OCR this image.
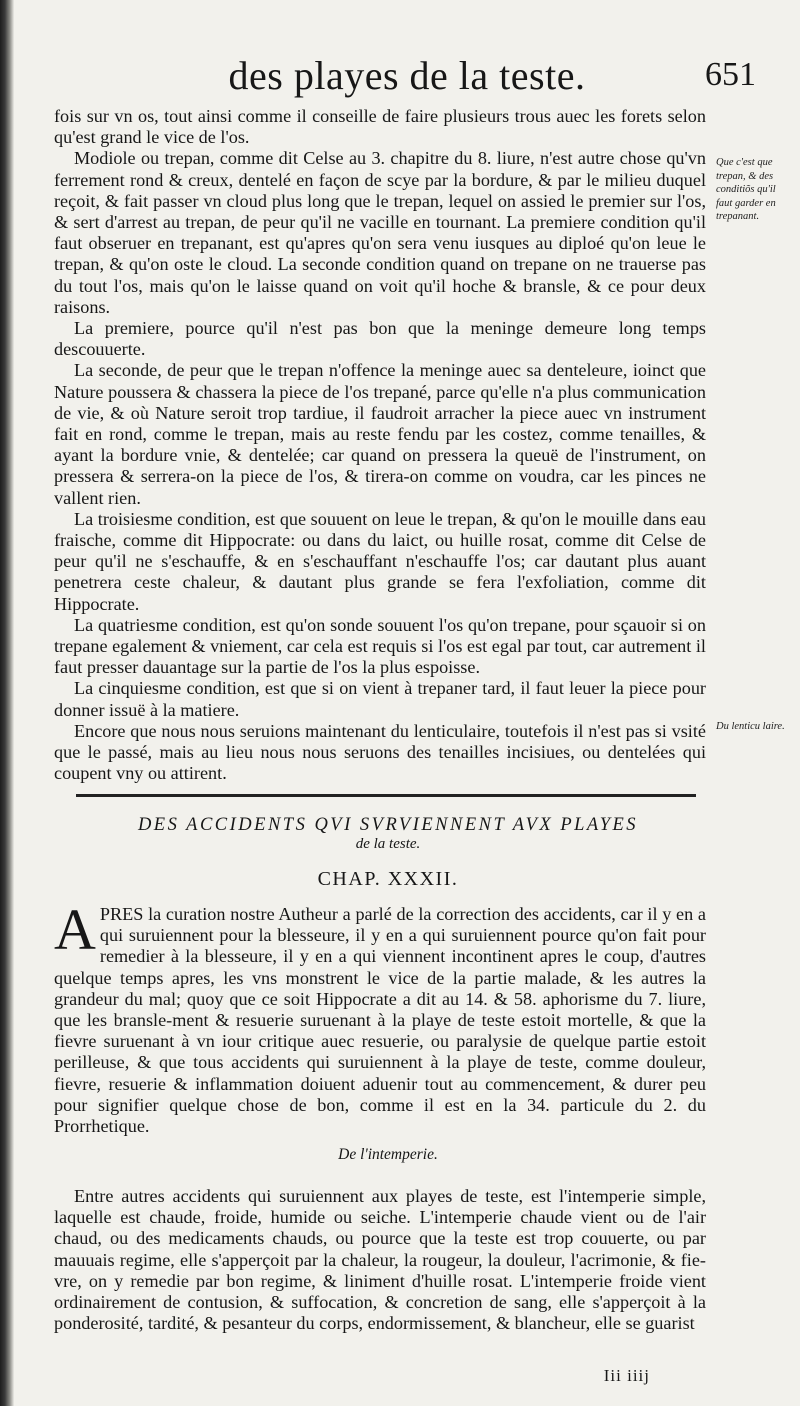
des playes de la teste.	651

fois sur vn os, tout ainsi comme il conseille de faire plusieurs trous auec les forets selon qu'est grand le vice de l'os.

Modiole ou trepan, comme dit Celse au 3. chapitre du 8. liure, n'est autre chose qu'vn ferrement rond & creux, dentelé en façon de scye par la bordure, & par le milieu duquel reçoit, & fait passer vn cloud plus long que le trepan, lequel on assied le premier sur l'os, & sert d'arrest au trepan, de peur qu'il ne vacille en tournant. La premiere condition qu'il faut obseruer en trepanant, est qu'apres qu'on sera venu iusques au diploé qu'on leue le trepan, & qu'on oste le cloud. La seconde condition quand on trepane on ne trauerse pas du tout l'os, mais qu'on le laisse quand on voit qu'il hoche & bransle, & ce pour deux raisons.

La premiere, pource qu'il n'est pas bon que la meninge demeure long temps descouuerte.

La seconde, de peur que le trepan n'offence la meninge auec sa denteleure, ioinct que Nature poussera & chassera la piece de l'os trepané, parce qu'elle n'a plus communication de vie, & où Nature seroit trop tardiue, il faudroit arracher la piece auec vn instrument fait en rond, comme le trepan, mais au reste fendu par les costez, comme tenailles, & ayant la bordure vnie, & dentelée; car quand on pressera la queuë de l'instrument, on pressera & serrera-on la piece de l'os, & tirera-on comme on voudra, car les pinces ne vallent rien.

La troisiesme condition, est que souuent on leue le trepan, & qu'on le mouille dans eau fraische, comme dit Hippocrate: ou dans du laict, ou huille rosat, comme dit Celse de peur qu'il ne s'eschauffe, & en s'eschauffant n'eschauffe l'os; car dautant plus auant penetrera ceste chaleur, & dautant plus grande se fera l'exfoliation, comme dit Hippocrate.

La quatriesme condition, est qu'on sonde souuent l'os qu'on trepane, pour sçauoir si on trepane egalement & vniement, car cela est requis si l'os est egal par tout, car autrement il faut presser dauantage sur la partie de l'os la plus espoisse.

La cinquiesme condition, est que si on vient à trepaner tard, il faut leuer la piece pour donner issuë à la matiere.

Encore que nous nous seruions maintenant du lenticulaire, toutefois il n'est pas si vsité que le passé, mais au lieu nous nous seruons des tenailles incisiues, ou dentelées qui coupent vny ou attirent.

Que c'est que trepan, & des conditiõs qu'il faut garder en trepanant.
Du lenticu laire.
DES ACCIDENTS QVI SVRVIENNENT AVX PLAYES
de la teste.
CHAP. XXXII.

APRES la curation nostre Autheur a parlé de la correction des accidents, car il y en a qui suruiennent pour la blesseure, il y en a qui suruiennent pource qu'on fait pour remedier à la blesseure, il y en a qui viennent incontinent apres le coup, d'autres quelque temps apres, les vns monstrent le vice de la partie malade, & les autres la grandeur du mal; quoy que ce soit Hippocrate a dit au 14. & 58. aphorisme du 7. liure, que les bransle-ment & resuerie suruenant à la playe de teste estoit mortelle, & que la fievre suruenant à vn iour critique auec resuerie, ou paralysie de quelque partie estoit perilleuse, & que tous accidents qui suruiennent à la playe de teste, comme douleur, fievre, resuerie & inflammation doiuent aduenir tout au commencement, & durer peu pour signifier quelque chose de bon, comme il est en la 34. particule du 2. du Prorrhetique.

De l'intemperie.

Entre autres accidents qui suruiennent aux playes de teste, est l'intemperie simple, laquelle est chaude, froide, humide ou seiche. L'intemperie chaude vient ou de l'air chaud, ou des medicaments chauds, ou pource que la teste est trop couuerte, ou par mauuais regime, elle s'apperçoit par la chaleur, la rougeur, la douleur, l'acrimonie, & fie-vre, on y remedie par bon regime, & liniment d'huille rosat. L'intemperie froide vient ordinairement de contusion, & suffocation, & concretion de sang, elle s'apperçoit à la ponderosité, tardité, & pesanteur du corps, endormissement, & blancheur, elle se guarist

Iii iiij
